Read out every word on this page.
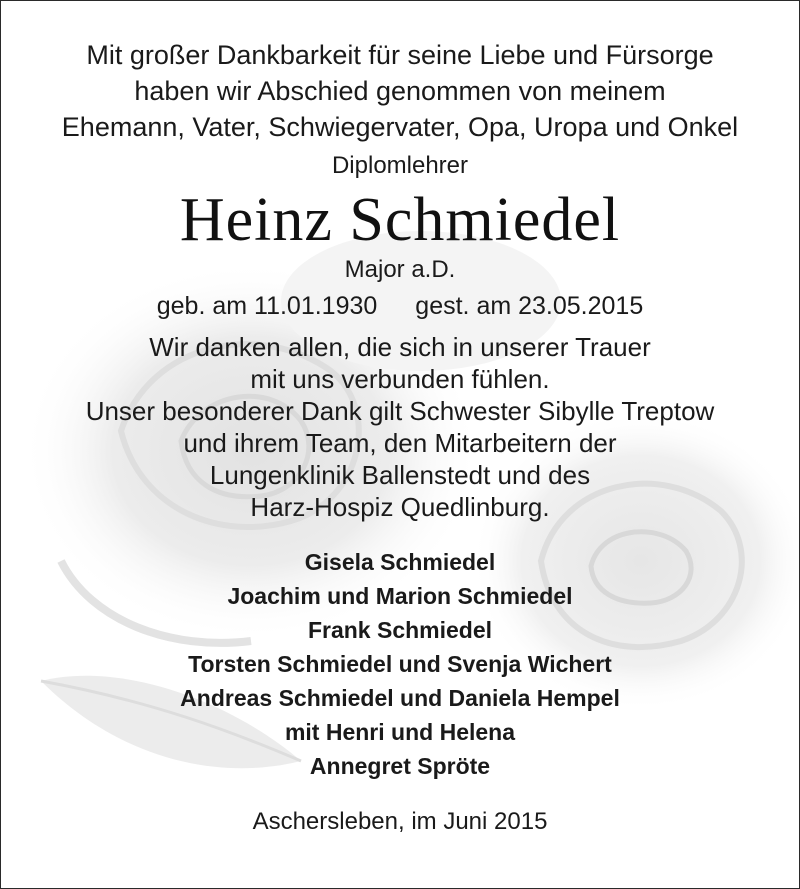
Mit großer Dankbarkeit für seine Liebe und Fürsorge
haben wir Abschied genommen von meinem
Ehemann, Vater, Schwiegervater, Opa, Uropa und Onkel
Diplomlehrer
Heinz Schmiedel
Major a.D.
geb. am 11.01.1930 gest. am 23.05.2015
Wir danken allen, die sich in unserer Trauer
mit uns verbunden fühlen.
Unser besonderer Dank gilt Schwester Sibylle Treptow
und ihrem Team, den Mitarbeitern der
Lungenklinik Ballenstedt und des
Harz-Hospiz Quedlinburg.
Gisela Schmiedel
Joachim und Marion Schmiedel
Frank Schmiedel
Torsten Schmiedel und Svenja Wichert
Andreas Schmiedel und Daniela Hempel
mit Henri und Helena
Annegret Spröte
Aschersleben, im Juni 2015
